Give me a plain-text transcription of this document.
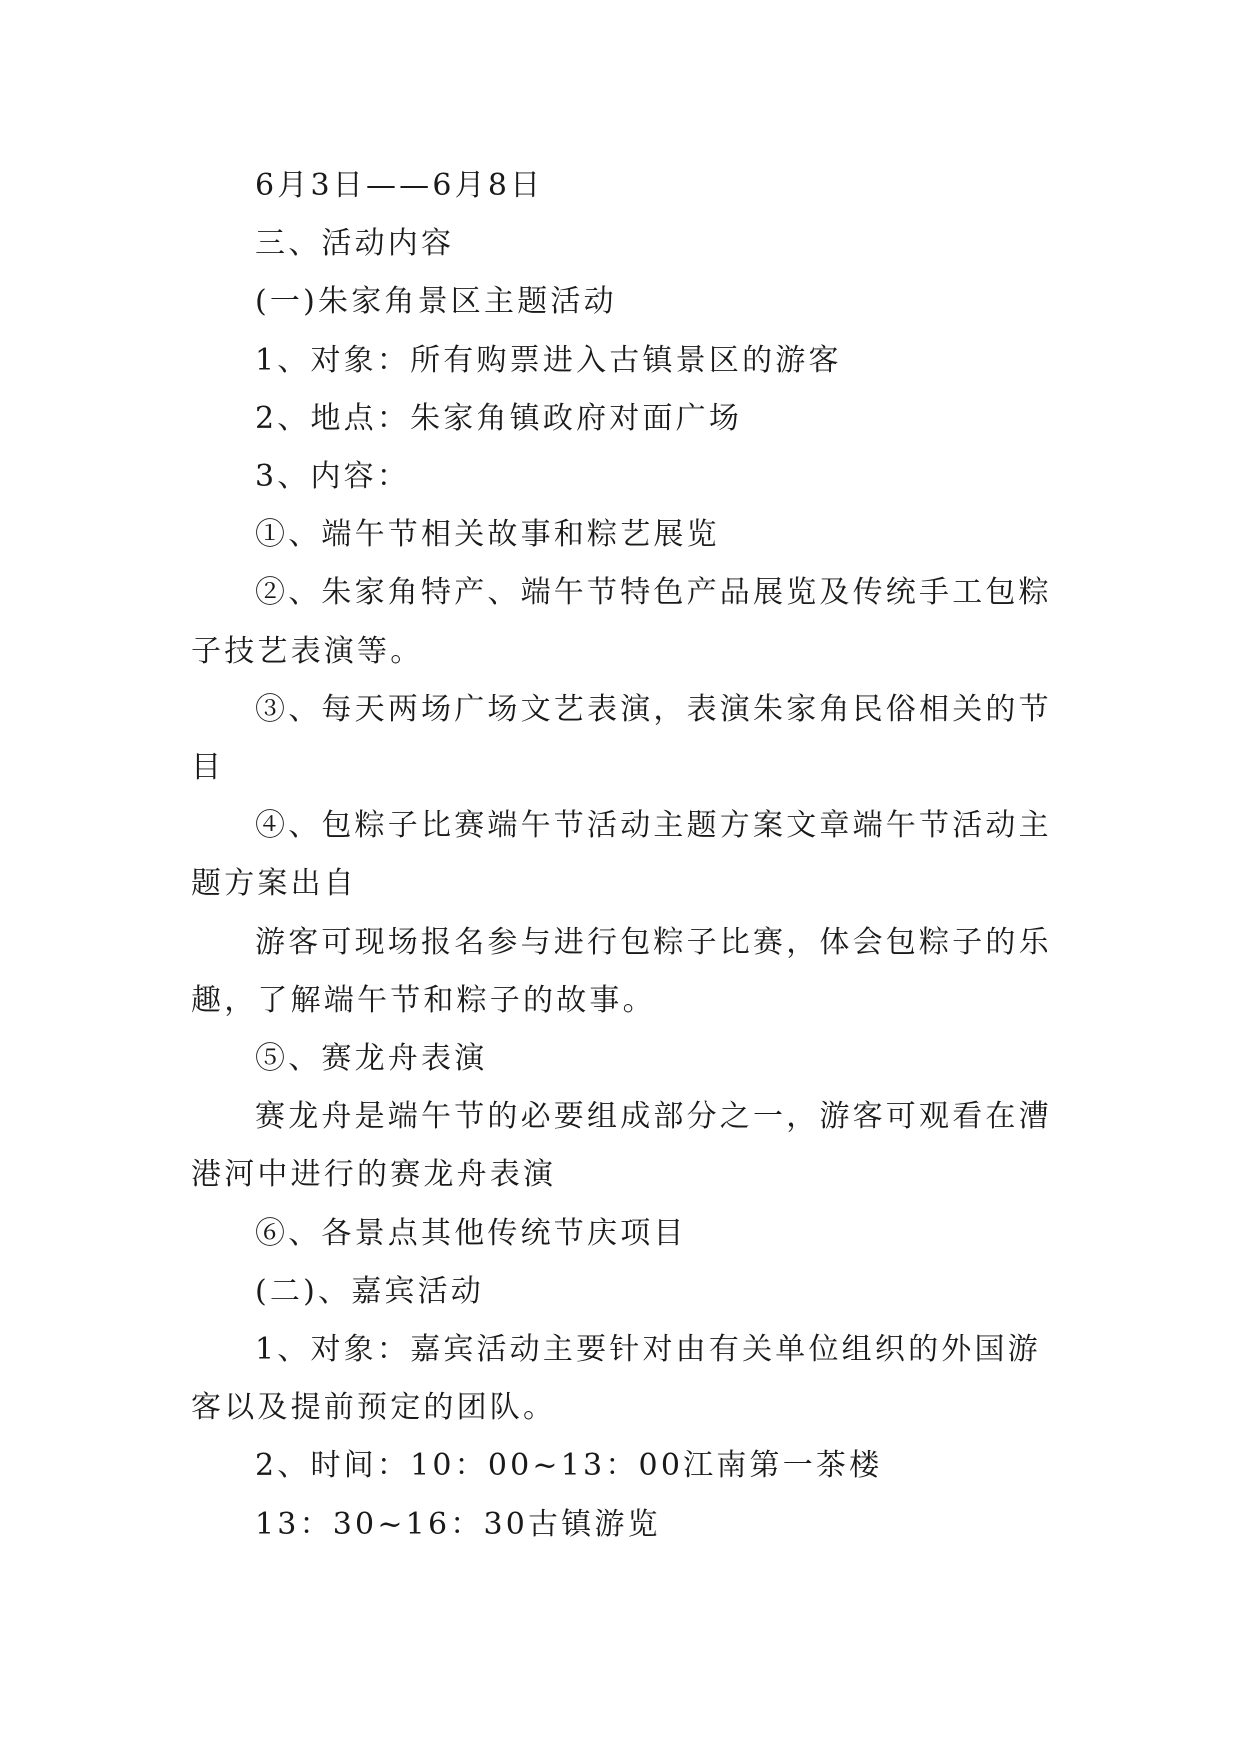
6月3日——6月8日

三、活动内容

(一)朱家角景区主题活动

1、对象：所有购票进入古镇景区的游客

2、地点：朱家角镇政府对面广场

3、内容：

①、端午节相关故事和粽艺展览

②、朱家角特产、端午节特色产品展览及传统手工包粽子技艺表演等。

③、每天两场广场文艺表演，表演朱家角民俗相关的节目

④、包粽子比赛端午节活动主题方案文章端午节活动主题方案出自

游客可现场报名参与进行包粽子比赛，体会包粽子的乐趣，了解端午节和粽子的故事。

⑤、赛龙舟表演

赛龙舟是端午节的必要组成部分之一，游客可观看在漕港河中进行的赛龙舟表演

⑥、各景点其他传统节庆项目

(二)、嘉宾活动

1、对象：嘉宾活动主要针对由有关单位组织的外国游客以及提前预定的团队。

2、时间：10：00~13：00江南第一茶楼

13：30~16：30古镇游览
